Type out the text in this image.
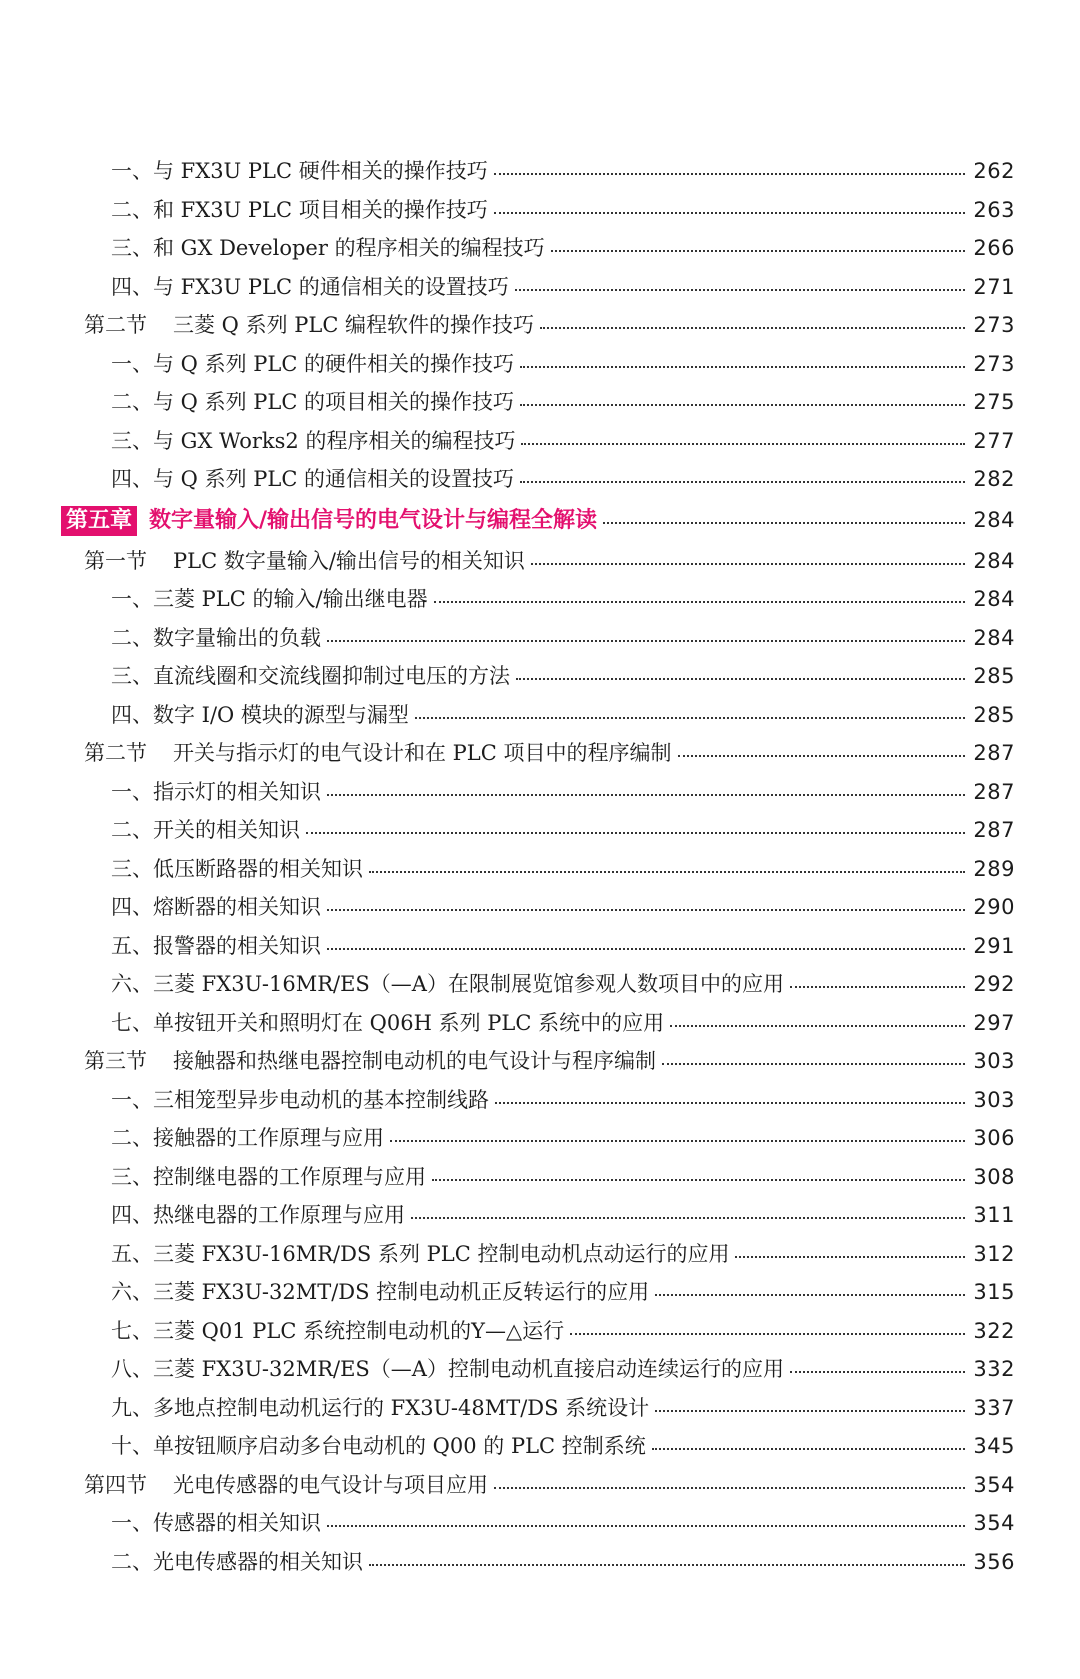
一、 与 FX3U PLC 硬件相关的操作技巧	262
二、 和 FX3U PLC 项目相关的操作技巧	263
三、 和 GX Developer 的程序相关的编程技巧	266
四、 与 FX3U PLC 的通信相关的设置技巧	271
第二节 三菱 Q 系列 PLC 编程软件的操作技巧	273
一、 与 Q 系列 PLC 的硬件相关的操作技巧	273
二、 与 Q 系列 PLC 的项目相关的操作技巧	275
三、 与 GX Works2 的程序相关的编程技巧	277
四、 与 Q 系列 PLC 的通信相关的设置技巧	282
第五章 数字量输入/输出信号的电气设计与编程全解读	284
第一节 PLC 数字量输入/输出信号的相关知识	284
一、 三菱 PLC 的输入/输出继电器	284
二、 数字量输出的负载	284
三、 直流线圈和交流线圈抑制过电压的方法	285
四、 数字 I/O 模块的源型与漏型	285
第二节 开关与指示灯的电气设计和在 PLC 项目中的程序编制	287
一、 指示灯的相关知识	287
二、 开关的相关知识	287
三、 低压断路器的相关知识	289
四、 熔断器的相关知识	290
五、 报警器的相关知识	291
六、 三菱 FX3U-16MR/ES（—A）在限制展览馆参观人数项目中的应用	292
七、 单按钮开关和照明灯在 Q06H 系列 PLC 系统中的应用	297
第三节 接触器和热继电器控制电动机的电气设计与程序编制	303
一、 三相笼型异步电动机的基本控制线路	303
二、 接触器的工作原理与应用	306
三、 控制继电器的工作原理与应用	308
四、 热继电器的工作原理与应用	311
五、 三菱 FX3U-16MR/DS 系列 PLC 控制电动机点动运行的应用	312
六、 三菱 FX3U-32MT/DS 控制电动机正反转运行的应用	315
七、 三菱 Q01 PLC 系统控制电动机的Y—△运行	322
八、 三菱 FX3U-32MR/ES（—A）控制电动机直接启动连续运行的应用	332
九、 多地点控制电动机运行的 FX3U-48MT/DS 系统设计	337
十、 单按钮顺序启动多台电动机的 Q00 的 PLC 控制系统	345
第四节 光电传感器的电气设计与项目应用	354
一、 传感器的相关知识	354
二、 光电传感器的相关知识	356
